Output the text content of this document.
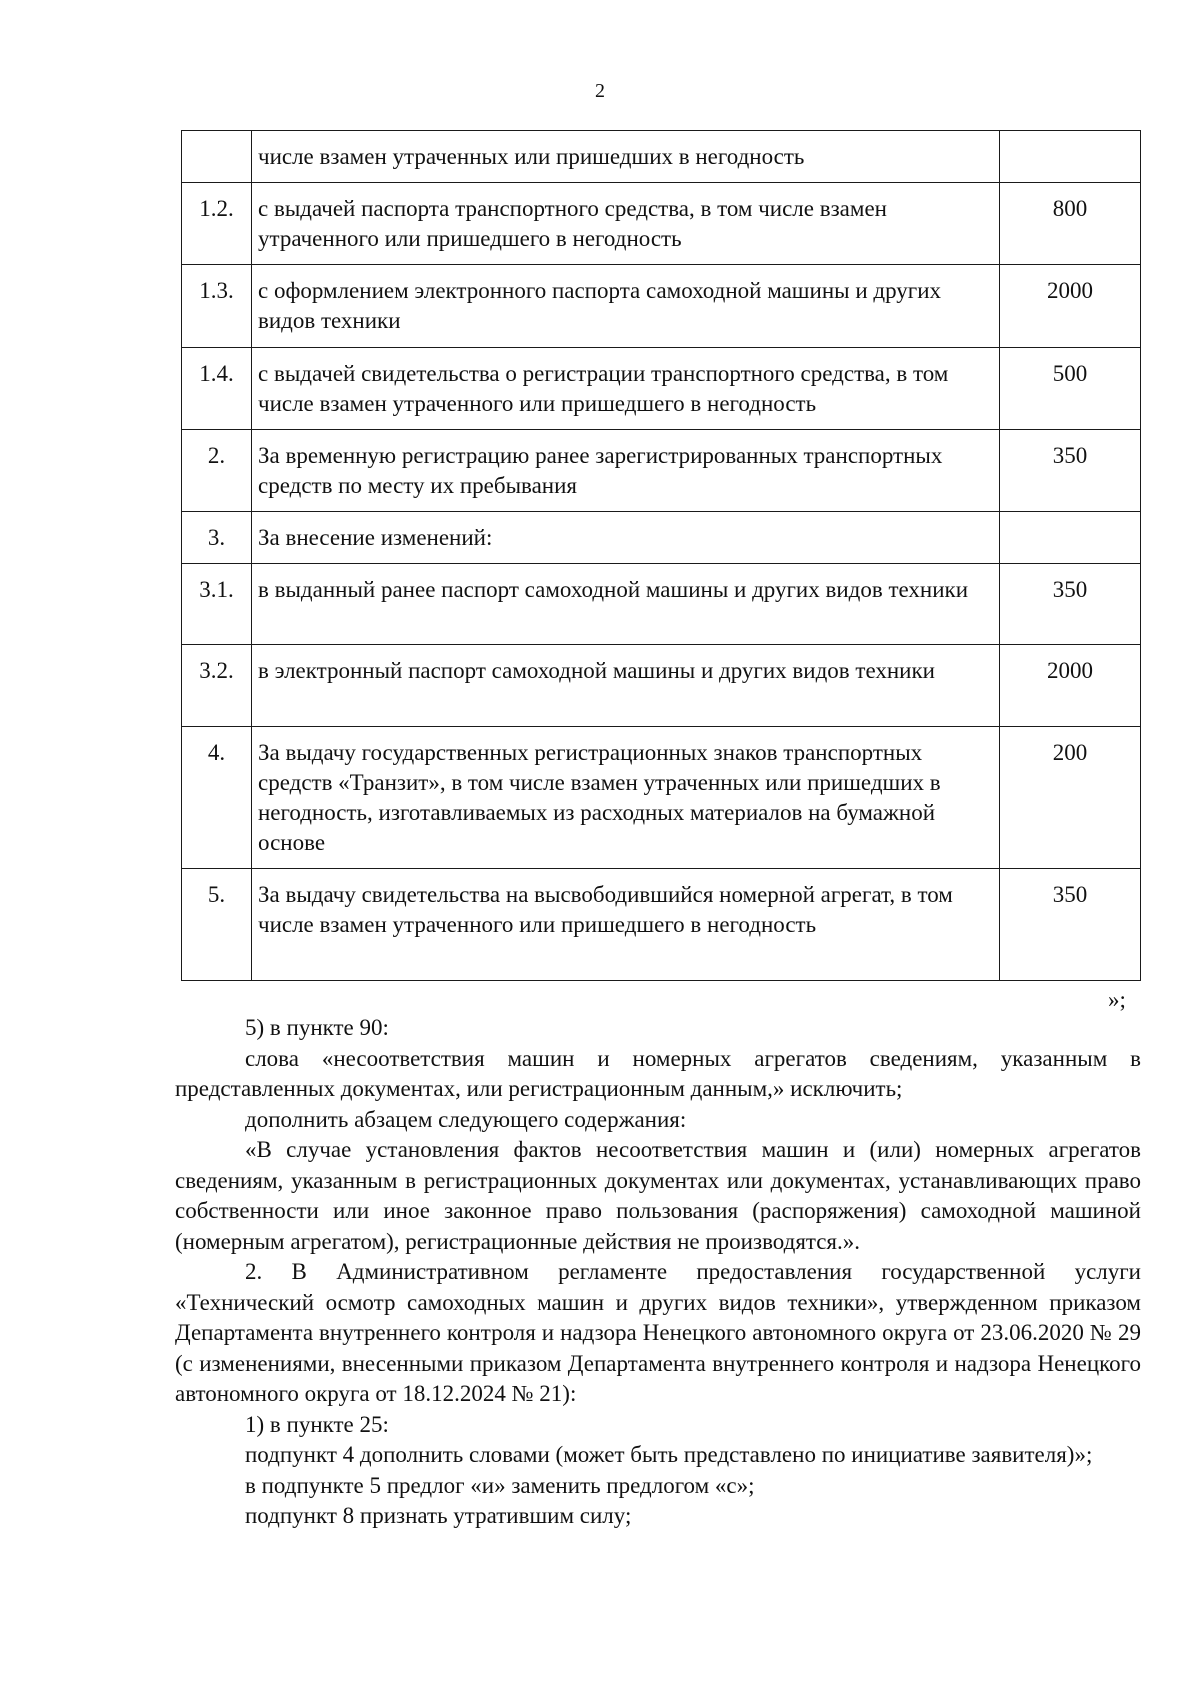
2
	числе взамен утраченных или пришедших в негодность	
1.2.	с выдачей паспорта транспортного средства, в том числе взамен утраченного или пришедшего в негодность	800
1.3.	с оформлением электронного паспорта самоходной машины и других видов техники	2000
1.4.	с выдачей свидетельства о регистрации транспортного средства, в том числе взамен утраченного или пришедшего в негодность	500
2.	За временную регистрацию ранее зарегистрированных транспортных средств по месту их пребывания	350
3.	За внесение изменений:	
3.1.	в выданный ранее паспорт самоходной машины и других видов техники	350
3.2.	в электронный паспорт самоходной машины и других видов техники	2000
4.	За выдачу государственных регистрационных знаков транспортных средств «Транзит», в том числе взамен утраченных или пришедших в негодность, изготавливаемых из расходных материалов на бумажной основе	200
5.	За выдачу свидетельства на высвободившийся номерной агрегат, в том числе взамен утраченного или пришедшего в негодность	350
»;

5) в пункте 90:

слова «несоответствия машин и номерных агрегатов сведениям, указанным в представленных документах, или регистрационным данным,» исключить;

дополнить абзацем следующего содержания:

«В случае установления фактов несоответствия машин и (или) номерных агрегатов сведениям, указанным в регистрационных документах или документах, устанавливающих право собственности или иное законное право пользования (распоряжения) самоходной машиной (номерным агрегатом), регистрационные действия не производятся.».

2. В Административном регламенте предоставления государственной услуги «Технический осмотр самоходных машин и других видов техники», утвержденном приказом Департамента внутреннего контроля и надзора Ненецкого автономного округа от 23.06.2020 № 29 (с изменениями, внесенными приказом Департамента внутреннего контроля и надзора Ненецкого автономного округа от 18.12.2024 № 21):

1) в пункте 25:

подпункт 4 дополнить словами (может быть представлено по инициативе заявителя)»;

в подпункте 5 предлог «и» заменить предлогом «с»;

подпункт 8 признать утратившим силу;
